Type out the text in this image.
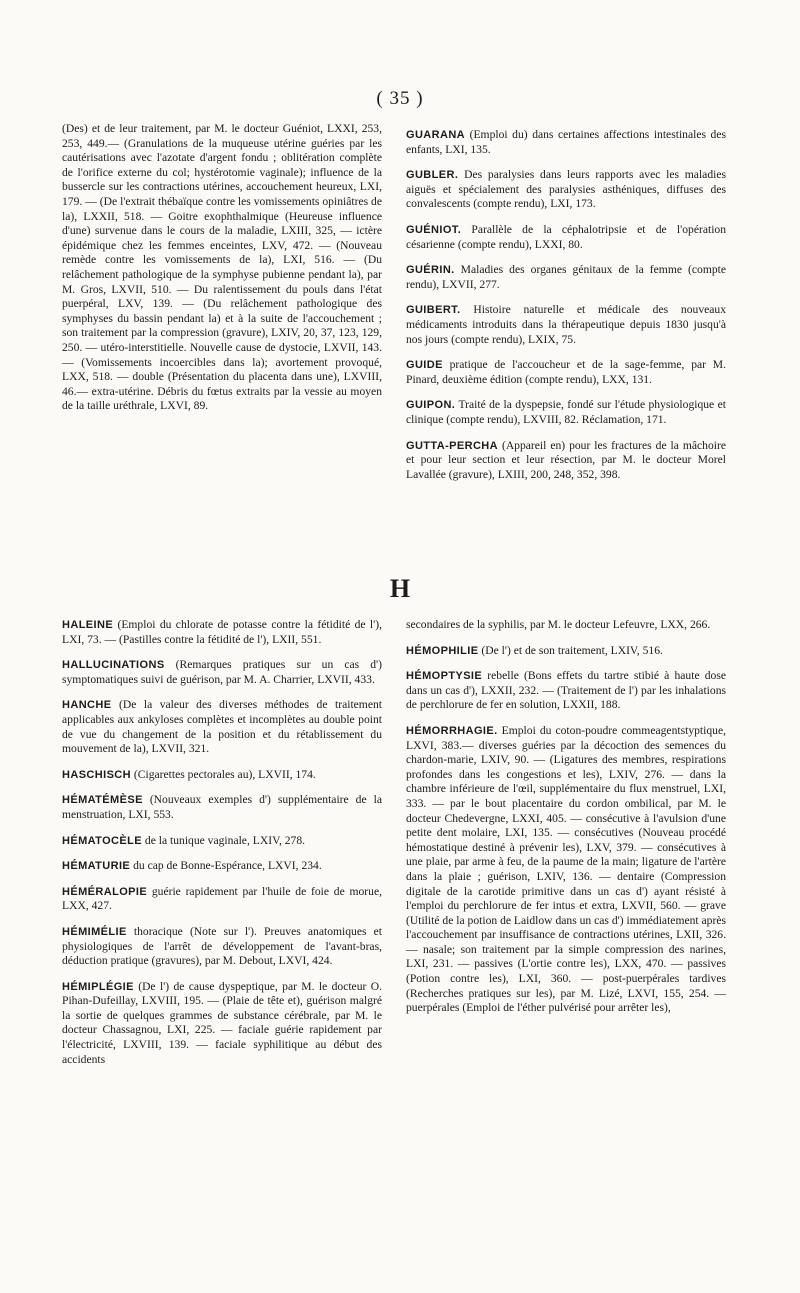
( 35 )

(Des) et de leur traitement, par M. le docteur Guéniot, LXXI, 253, 253, 449.— (Granulations de la muqueuse utérine guéries par les cautérisations avec l'azotate d'argent fondu ; oblitération complète de l'orifice externe du col; hystérotomie vaginale); influence de la bussercle sur les contractions utérines, accouchement heureux, LXI, 179. — (De l'extrait thébaïque contre les vomissements opiniâtres de la), LXXII, 518. — Goitre exophthalmique (Heureuse influence d'une) survenue dans le cours de la maladie, LXIII, 325, — ictère épidémique chez les femmes enceintes, LXV, 472. — (Nouveau remède contre les vomissements de la), LXI, 516. — (Du relâchement pathologique de la symphyse pubienne pendant la), par M. Gros, LXVII, 510. — Du ralentissement du pouls dans l'état puerpéral, LXV, 139. — (Du relâchement pathologique des symphyses du bassin pendant la) et à la suite de l'accouchement ; son traitement par la compression (gravure), LXIV, 20, 37, 123, 129, 250. — utéro-interstitielle. Nouvelle cause de dystocie, LXVII, 143. — (Vomissements incoercibles dans la); avortement provoqué, LXX, 518. — double (Présentation du placenta dans une), LXVIII, 46.— extra-utérine. Débris du fœtus extraits par la vessie au moyen de la taille uréthrale, LXVI, 89.

GUARANA (Emploi du) dans certaines affections intestinales des enfants, LXI, 135.

GUBLER. Des paralysies dans leurs rapports avec les maladies aiguës et spécialement des paralysies asthéniques, diffuses des convalescents (compte rendu), LXI, 173.

GUÉNIOT. Parallèle de la céphalotripsie et de l'opération césarienne (compte rendu), LXXI, 80.

GUÉRIN. Maladies des organes génitaux de la femme (compte rendu), LXVII, 277.

GUIBERT. Histoire naturelle et médicale des nouveaux médicaments introduits dans la thérapeutique depuis 1830 jusqu'à nos jours (compte rendu), LXIX, 75.

GUIDE pratique de l'accoucheur et de la sage-femme, par M. Pinard, deuxième édition (compte rendu), LXX, 131.

GUIPON. Traité de la dyspepsie, fondé sur l'étude physiologique et clinique (compte rendu), LXVIII, 82. Réclamation, 171.

GUTTA-PERCHA (Appareil en) pour les fractures de la mâchoire et pour leur section et leur résection, par M. le docteur Morel Lavallée (gravure), LXIII, 200, 248, 352, 398.

H

HALEINE (Emploi du chlorate de potasse contre la fétidité de l'), LXI, 73. — (Pastilles contre la fétidité de l'), LXII, 551.

HALLUCINATIONS (Remarques pratiques sur un cas d') symptomatiques suivi de guérison, par M. A. Charrier, LXVII, 433.

HANCHE (De la valeur des diverses méthodes de traitement applicables aux ankyloses complètes et incomplètes au double point de vue du changement de la position et du rétablissement du mouvement de la), LXVII, 321.

HASCHISCH (Cigarettes pectorales au), LXVII, 174.

HÉMATÉMÈSE (Nouveaux exemples d') supplémentaire de la menstruation, LXI, 553.

HÉMATOCÈLE de la tunique vaginale, LXIV, 278.

HÉMATURIE du cap de Bonne-Espérance, LXVI, 234.

HÉMÉRALOPIE guérie rapidement par l'huile de foie de morue, LXX, 427.

HÉMIMÉLIE thoracique (Note sur l'). Preuves anatomiques et physiologiques de l'arrêt de développement de l'avant-bras, déduction pratique (gravures), par M. Debout, LXVI, 424.

HÉMIPLÉGIE (De l') de cause dyspeptique, par M. le docteur O. Pihan-Dufeillay, LXVIII, 195. — (Plaie de tête et), guérison malgré la sortie de quelques grammes de substance cérébrale, par M. le docteur Chassagnou, LXI, 225. — faciale guérie rapidement par l'électricité, LXVIII, 139. — faciale syphilitique au début des accidents

secondaires de la syphilis, par M. le docteur Lefeuvre, LXX, 266.

HÉMOPHILIE (De l') et de son traitement, LXIV, 516.

HÉMOPTYSIE rebelle (Bons effets du tartre stibié à haute dose dans un cas d'), LXXII, 232. — (Traitement de l') par les inhalations de perchlorure de fer en solution, LXXII, 188.

HÉMORRHAGIE. Emploi du coton-poudre commeagentstyptique, LXVI, 383.— diverses guéries par la décoction des semences du chardon-marie, LXIV, 90. — (Ligatures des membres, respirations profondes dans les congestions et les), LXIV, 276. — dans la chambre inférieure de l'œil, supplémentaire du flux menstruel, LXI, 333. — par le bout placentaire du cordon ombilical, par M. le docteur Chedevergne, LXXI, 405. — consécutive à l'avulsion d'une petite dent molaire, LXI, 135. — consécutives (Nouveau procédé hémostatique destiné à prévenir les), LXV, 379. — consécutives à une plaie, par arme à feu, de la paume de la main; ligature de l'artère dans la plaie ; guérison, LXIV, 136. — dentaire (Compression digitale de la carotide primitive dans un cas d') ayant résisté à l'emploi du perchlorure de fer intus et extra, LXVII, 560. — grave (Utilité de la potion de Laidlow dans un cas d') immédiatement après l'accouchement par insuffisance de contractions utérines, LXII, 326. — nasale; son traitement par la simple compression des narines, LXI, 231. — passives (L'ortie contre les), LXX, 470. — passives (Potion contre les), LXI, 360. — post-puerpérales tardives (Recherches pratiques sur les), par M. Lizé, LXVI, 155, 254. — puerpérales (Emploi de l'éther pulvérisé pour arrêter les),
